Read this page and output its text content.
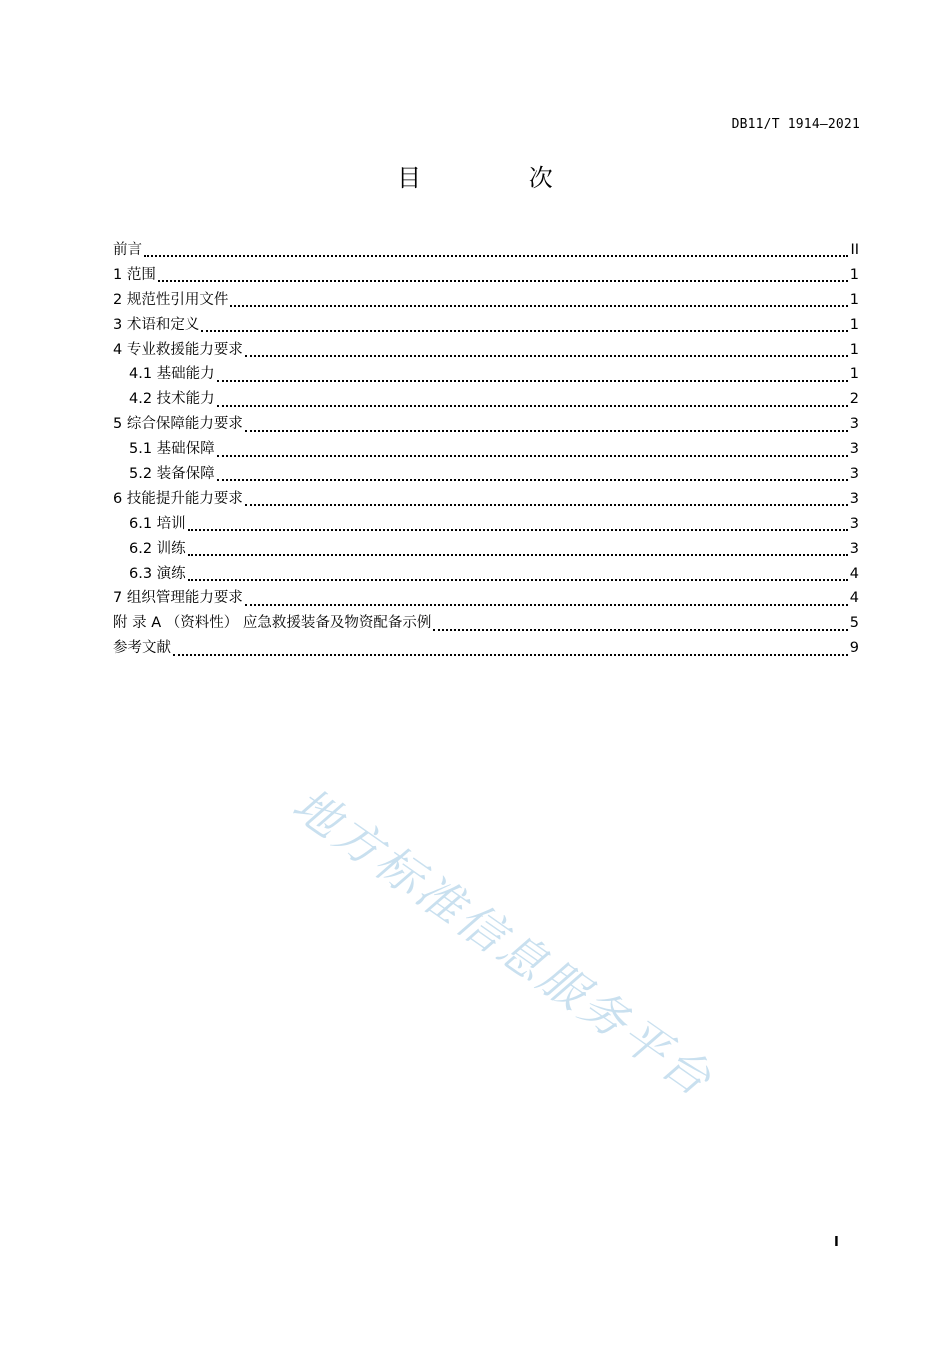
DB11/T 1914—2021
目 次
前言	II
1 范围	1
2 规范性引用文件	1
3 术语和定义	1
4 专业救援能力要求	1
4.1 基础能力	1
4.2 技术能力	2
5 综合保障能力要求	3
5.1 基础保障	3
5.2 装备保障	3
6 技能提升能力要求	3
6.1 培训	3
6.2 训练	3
6.3 演练	4
7 组织管理能力要求	4
附 录 A （资料性） 应急救援装备及物资配备示例	5
参考文献	9
地方标准信息服务平台
I
